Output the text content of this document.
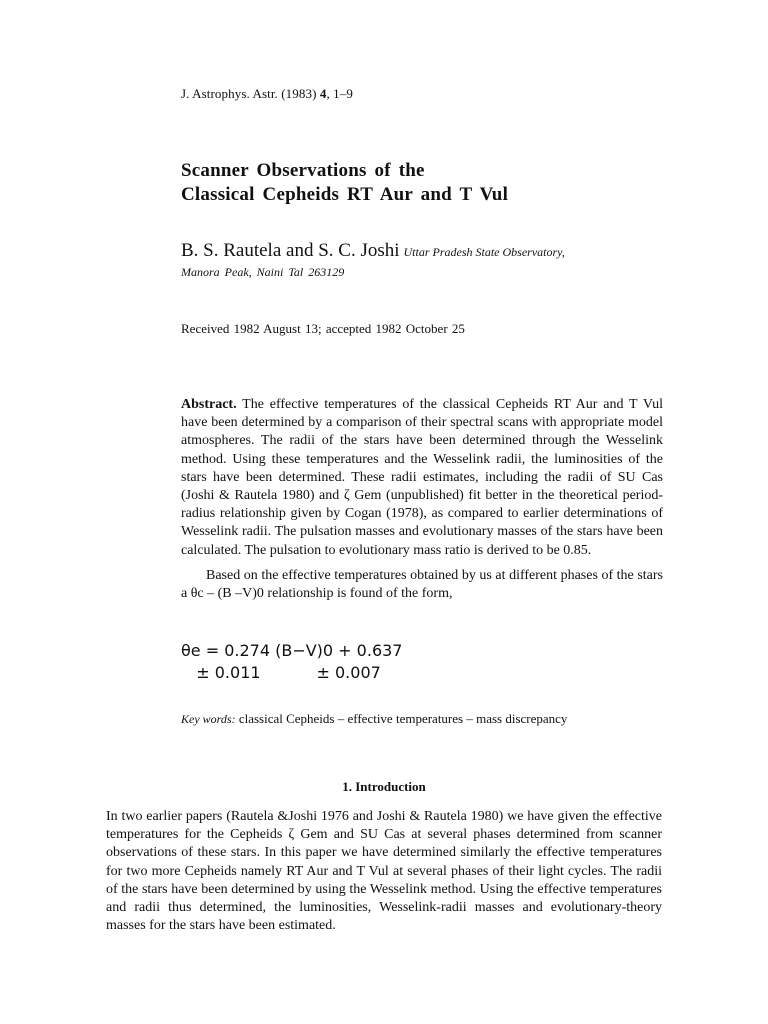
J. Astrophys. Astr. (1983) 4, 1–9
Scanner Observations of the
Classical Cepheids RT Aur and T Vul
B. S. Rautela and S. C. Joshi Uttar Pradesh State Observatory,
Manora Peak, Naini Tal 263129
Received 1982 August 13; accepted 1982 October 25

Abstract. The effective temperatures of the classical Cepheids RT Aur and T Vul have been determined by a comparison of their spectral scans with appropriate model atmospheres. The radii of the stars have been determined through the Wesselink method. Using these temperatures and the Wesselink radii, the luminosities of the stars have been determined. These radii estimates, including the radii of SU Cas (Joshi & Rautela 1980) and ζ Gem (unpublished) fit better in the theoretical period-radius relationship given by Cogan (1978), as compared to earlier determinations of Wesselink radii. The pulsation masses and evolutionary masses of the stars have been calculated. The pulsation to evolutionary mass ratio is derived to be 0.85.

Based on the effective temperatures obtained by us at different phases of the stars a θc – (B –V)0 relationship is found of the form,

θe = 0.274 (B−V)0 + 0.637
± 0.011           ± 0.007
Key words: classical Cepheids – effective temperatures – mass discrepancy
1. Introduction

In two earlier papers (Rautela &Joshi 1976 and Joshi & Rautela 1980) we have given the effective temperatures for the Cepheids ζ Gem and SU Cas at several phases determined from scanner observations of these stars. In this paper we have determined similarly the effective temperatures for two more Cepheids namely RT Aur and T Vul at several phases of their light cycles. The radii of the stars have been determined by using the Wesselink method. Using the effective temperatures and radii thus determined, the luminosities, Wesselink-radii masses and evolutionary-theory masses for the stars have been estimated.
